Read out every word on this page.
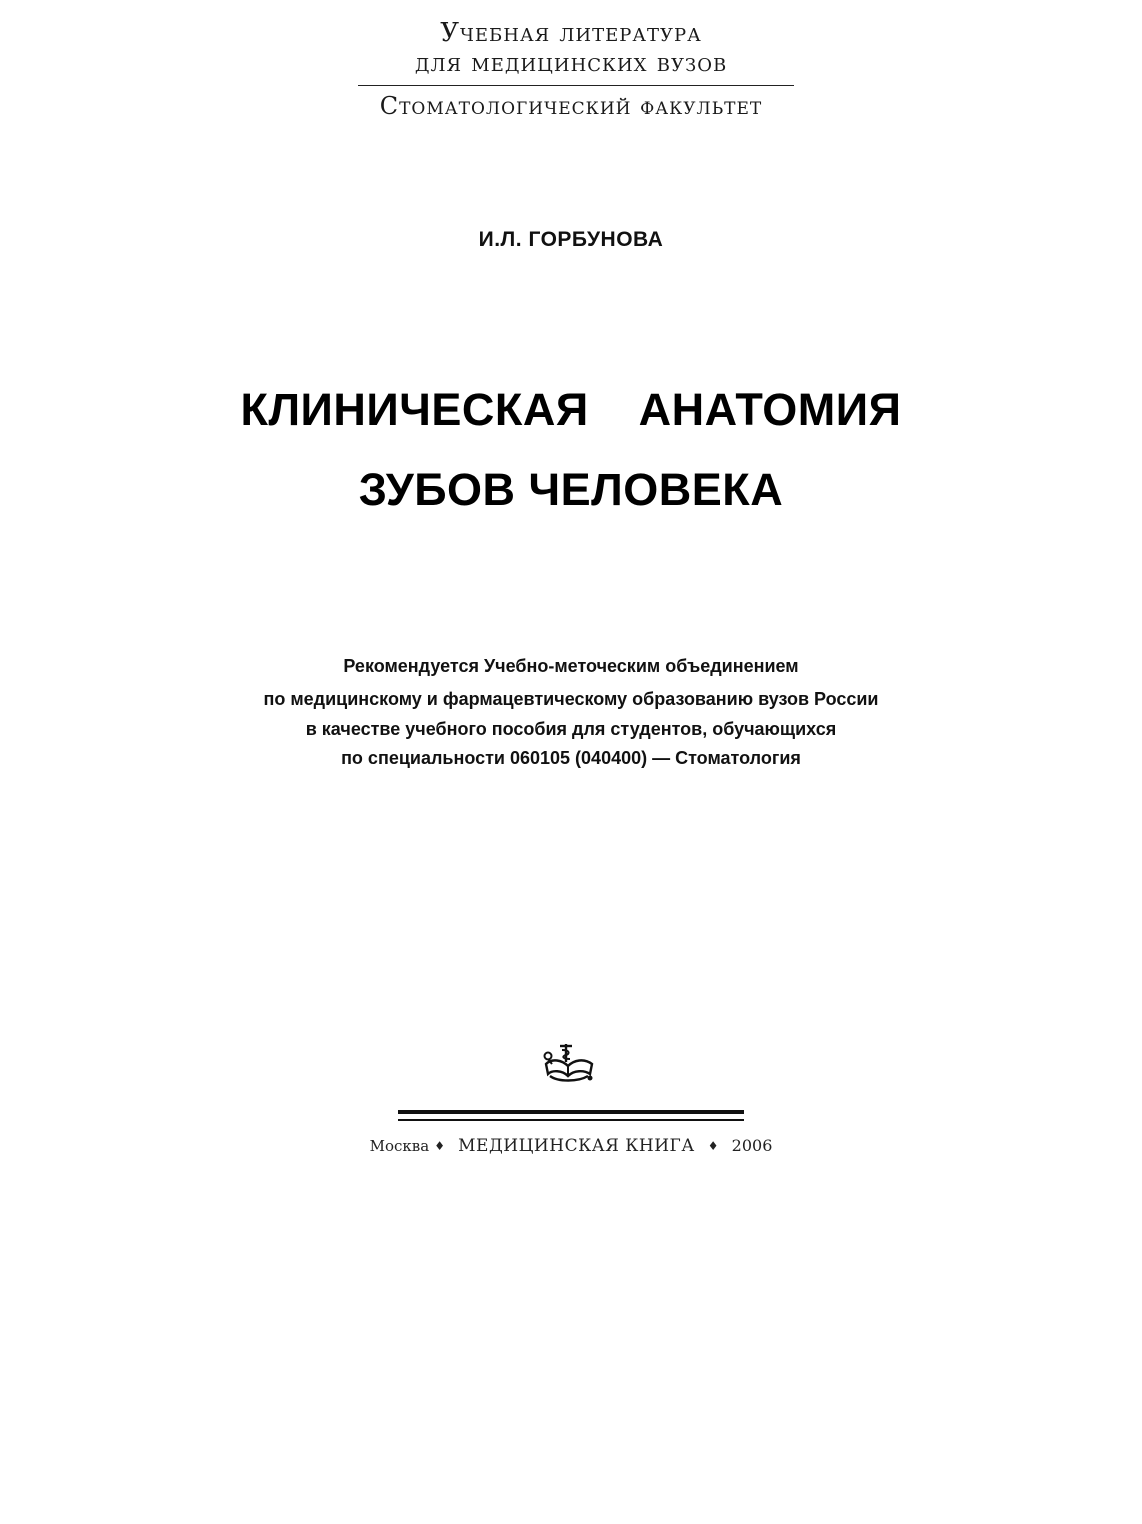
Учебная литература
для медицинских вузов
Стоматологический факультет
И.Л. ГОРБУНОВА
КЛИНИЧЕСКАЯ  АНАТОМИЯ
ЗУБОВ ЧЕЛОВЕКА
Рекомендуется Учебно-меточеским объединением
по медицинскому и фармацевтическому образованию вузов России
в качестве учебного пособия для студентов, обучающихся
по специальности 060105 (040400) — Стоматология
Москва ♦ МЕДИЦИНСКАЯ КНИГА ♦ 2006
